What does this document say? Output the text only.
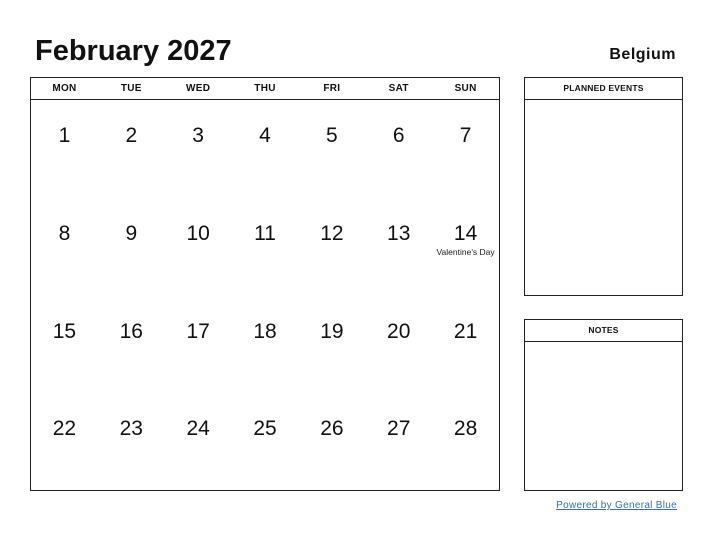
February 2027	Belgium
MON	TUE	WED	THU	FRI	SAT	SUN
1	2	3	4	5	6	7
8	9	10	11	12	13	14
Valentine's Day
15	16	17	18	19	20	21
22	23	24	25	26	27	28
PLANNED EVENTS
NOTES
Powered by General Blue
